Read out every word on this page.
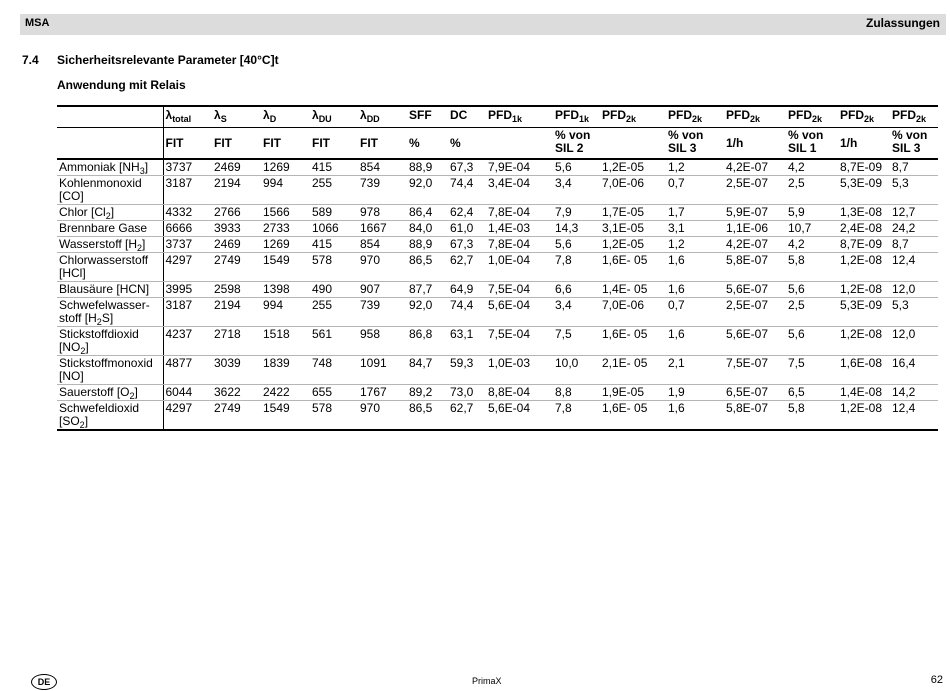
MSA	Zulassungen
7.4 Sicherheitsrelevante Parameter [40°C]t
Anwendung mit Relais
	$\lambda_{total}$	$\lambda_S$	$\lambda_D$	$\lambda_{DU}$	$\lambda_{DD}$	SFF	DC	$PFD_{1k}$	$PFD_{1k}$	$PFD_{2k}$	$PFD_{2k}$	$PFD_{2k}$	$PFD_{2k}$	$PFD_{2k}$	$PFD_{2k}$
	FIT	FIT	FIT	FIT	FIT	%	%		% von SIL 2		% von SIL 3	1/h	% von SIL 1	1/h	% von SIL 3
Ammoniak $[NH_3]$	3737	2469	1269	415	854	88,9	67,3	7,9E-04	5,6	1,2E-05	1,2	4,2E-07	4,2	8,7E-09	8,7
Kohlenmonoxid [CO]	3187	2194	994	255	739	92,0	74,4	3,4E-04	3,4	7,0E-06	0,7	2,5E-07	2,5	5,3E-09	5,3
Chlor $[Cl_2]$	4332	2766	1566	589	978	86,4	62,4	7,8E-04	7,9	1,7E-05	1,7	5,9E-07	5,9	1,3E-08	12,7
Brennbare Gase	6666	3933	2733	1066	1667	84,0	61,0	1,4E-03	14,3	3,1E-05	3,1	1,1E-06	10,7	2,4E-08	24,2
Wasserstoff $[H_2]$	3737	2469	1269	415	854	88,9	67,3	7,8E-04	5,6	1,2E-05	1,2	4,2E-07	4,2	8,7E-09	8,7
Chlorwasserstoff [HCl]	4297	2749	1549	578	970	86,5	62,7	1,0E-04	7,8	1,6E- 05	1,6	5,8E-07	5,8	1,2E-08	12,4
Blausäure [HCN]	3995	2598	1398	490	907	87,7	64,9	7,5E-04	6,6	1,4E- 05	1,6	5,6E-07	5,6	1,2E-08	12,0
Schwefelwasser-stoff $[H_2S]$	3187	2194	994	255	739	92,0	74,4	5,6E-04	3,4	7,0E-06	0,7	2,5E-07	2,5	5,3E-09	5,3
Stickstoffdioxid $[NO_2]$	4237	2718	1518	561	958	86,8	63,1	7,5E-04	7,5	1,6E- 05	1,6	5,6E-07	5,6	1,2E-08	12,0
Stickstoffmonoxid [NO]	4877	3039	1839	748	1091	84,7	59,3	1,0E-03	10,0	2,1E- 05	2,1	7,5E-07	7,5	1,6E-08	16,4
Sauerstoff $[O_2]$	6044	3622	2422	655	1767	89,2	73,0	8,8E-04	8,8	1,9E-05	1,9	6,5E-07	6,5	1,4E-08	14,2
Schwefeldioxid $[SO_2]$	4297	2749	1549	578	970	86,5	62,7	5,6E-04	7,8	1,6E- 05	1,6	5,8E-07	5,8	1,2E-08	12,4
DE	PrimaX	62
